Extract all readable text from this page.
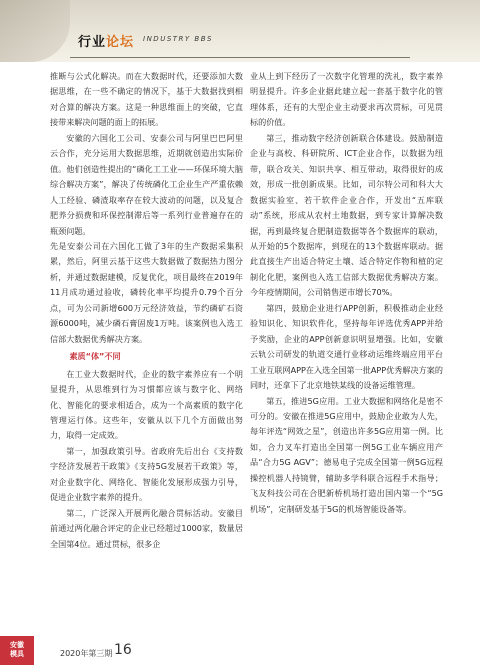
行业论坛 INDUSTRY BBS

推断与公式化解决。而在大数据时代，还要添加大数据思维，在一些不确定的情况下，基于大数据找到相对合算的解决方案。这是一种思维面上的突破，它直接带来解决问题的面上的拓展。

安徽的六国化工公司、安泰公司与阿里巴巴阿里云合作，充分运用大数据思维，近期就创造出实际价值。他们创造性提出的“磷化工工业——环保环境大脑综合解决方案”，解决了传统磷化工企业生产严重依赖人工经验、磷渣取率存在较大波动的问题，以及复合肥养分损费和环保控制滞后等一系列行业普遍存在的瓶颈问题。

先是安泰公司在六国化工做了3年的生产数据采集积累，然后，阿里云基于这些大数据做了数据热力图分析，并通过数据建模，反复优化，项目最终在2019年11月成功通过验收，磷转化率平均提升0.79个百分点，可为公司新增600万元经济效益，节约磷矿石资源6000吨，减少磷石膏固废1万吨。该案例也入选工信部大数据优秀解决方案。

素质“体”不同

在工业大数据时代，企业的数字素养应有一个明显提升，从思维到行为习惯都应该与数字化、网络化、智能化的要求相适合，成为一个高素质的数字化管理运行体。这些年，安徽从以下几个方面做出努力，取得一定成效。

第一，加强政策引导。省政府先后出台《支持数字经济发展若干政策》《支持5G发展若干政策》等，对企业数字化、网络化、智能化发展形成强力引导，促进企业数字素养的提升。

第二，广泛深入开展两化融合贯标活动。安徽目前通过两化融合评定的企业已经超过1000家，数量居全国第4位。通过贯标，很多企

业从上到下经历了一次数字化管理的洗礼，数字素养明显提升。许多企业据此建立起一套基于数字化的管理体系，还有的大型企业主动要求再次贯标，可见贯标的价值。

第三，推动数字经济创新联合体建设。鼓励制造企业与高校、科研院所、ICT企业合作，以数据为纽带，联合攻关、知识共享、相互带动，取得很好的成效，形成一批创新成果。比如，司尔特公司和科大大数据实验室、若干软件企业合作，开发出“五库联动”系统，形成从农村土地数据，到专家计算解决数据，再到最终复合肥制造数据等各个数据库的联动，从开始的5个数据库，到现在的13个数据库联动。据此直接生产出适合特定土壤、适合特定作物和植的定制化化肥，案例也入选工信部大数据优秀解决方案。今年疫情期间，公司销售逆市增长70%。

第四，鼓励企业进行APP创新，积极推动企业经验知识化、知识软件化，坚持每年评选优秀APP并给予奖励，企业的APP创新意识明显增强。比如，安徽云轨公司研发的轨道交通行业移动运维终端应用平台工业互联网APP在入选全国第一批APP优秀解决方案的同时，还拿下了北京地铁某线的设备运维管理。

第五，推进5G应用。工业大数据和网络化是密不可分的。安徽在推进5G应用中，鼓励企业敢为人先，每年评选“网效之星”，创造出许多5G应用第一例。比如，合力叉车打造出全国第一例5G工业车辆应用产品“合力5G AGV”；德易电子完成全国第一例5G远程操控机器人持镜臂，辅助多学科联合远程手术指导；飞友科技公司在合肥新桥机场打造出国内第一个“5G机场”，定制研发基于5G的机场智能设备等。

安徽
模具	2020年第三期 16
